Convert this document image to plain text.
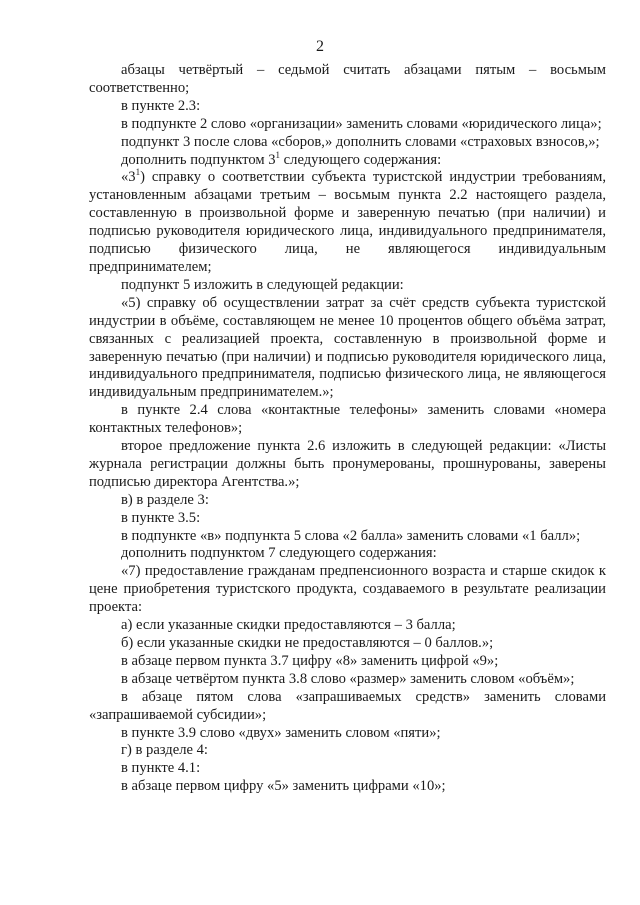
2

абзацы четвёртый – седьмой считать абзацами пятым – восьмым соответственно;

в пункте 2.3:

в подпункте 2 слово «организации» заменить словами «юридического лица»;

подпункт 3 после слова «сборов,» дополнить словами «страховых взносов,»;

дополнить подпунктом $3^1$ следующего содержания:

«$3^1$) справку о соответствии субъекта туристской индустрии требованиям, установленным абзацами третьим – восьмым пункта 2.2 настоящего раздела, составленную в произвольной форме и заверенную печатью (при наличии) и подписью руководителя юридического лица, индивидуального предпринимателя, подписью физического лица, не являющегося индивидуальным предпринимателем;

подпункт 5 изложить в следующей редакции:

«5) справку об осуществлении затрат за счёт средств субъекта туристской индустрии в объёме, составляющем не менее 10 процентов общего объёма затрат, связанных с реализацией проекта, составленную в произвольной форме и заверенную печатью (при наличии) и подписью руководителя юридического лица, индивидуального предпринимателя, подписью физического лица, не являющегося индивидуальным предпринимателем.»;

в пункте 2.4 слова «контактные телефоны» заменить словами «номера контактных телефонов»;

второе предложение пункта 2.6 изложить в следующей редакции: «Листы журнала регистрации должны быть пронумерованы, прошнурованы, заверены подписью директора Агентства.»;

в) в разделе 3:

в пункте 3.5:

в подпункте «в» подпункта 5 слова «2 балла» заменить словами «1 балл»;

дополнить подпунктом 7 следующего содержания:

«7) предоставление гражданам предпенсионного возраста и старше скидок к цене приобретения туристского продукта, создаваемого в результате реализации проекта:

а) если указанные скидки предоставляются – 3 балла;

б) если указанные скидки не предоставляются – 0 баллов.»;

в абзаце первом пункта 3.7 цифру «8» заменить цифрой «9»;

в абзаце четвёртом пункта 3.8 слово «размер» заменить словом «объём»;

в абзаце пятом слова «запрашиваемых средств» заменить словами «запрашиваемой субсидии»;

в пункте 3.9 слово «двух» заменить словом «пяти»;

г) в разделе 4:

в пункте 4.1:

в абзаце первом цифру «5» заменить цифрами «10»;
